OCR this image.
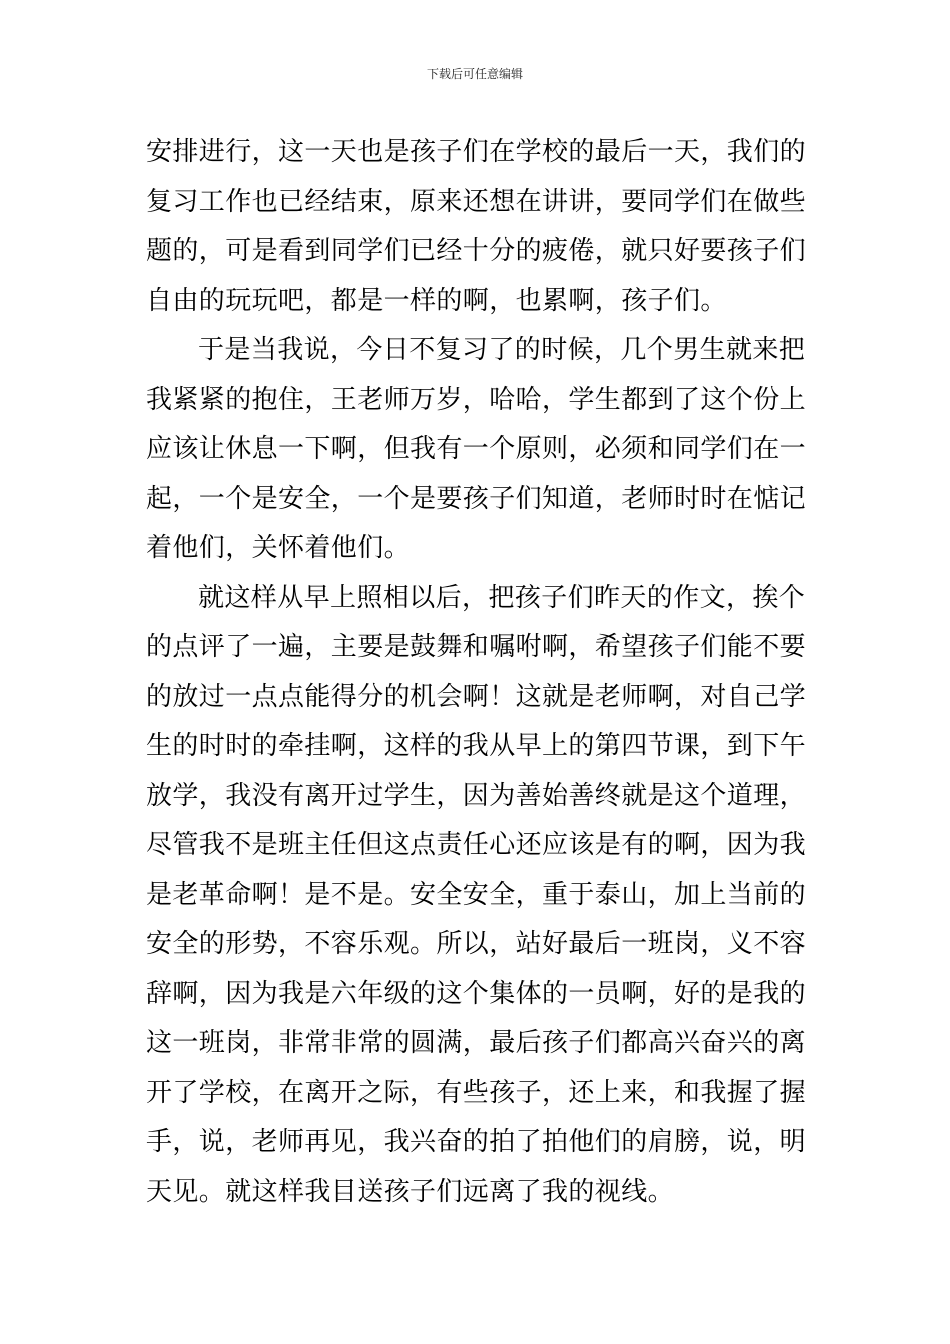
下载后可任意编辑
安排进行，这一天也是孩子们在学校的最后一天，我们的
复习工作也已经结束，原来还想在讲讲，要同学们在做些
题的，可是看到同学们已经十分的疲倦，就只好要孩子们
自由的玩玩吧，都是一样的啊，也累啊，孩子们。
于是当我说，今日不复习了的时候，几个男生就来把
我紧紧的抱住，王老师万岁，哈哈，学生都到了这个份上
应该让休息一下啊，但我有一个原则，必须和同学们在一
起，一个是安全，一个是要孩子们知道，老师时时在惦记
着他们，关怀着他们。
就这样从早上照相以后，把孩子们昨天的作文，挨个
的点评了一遍，主要是鼓舞和嘱咐啊，希望孩子们能不要
的放过一点点能得分的机会啊！这就是老师啊，对自己学
生的时时的牵挂啊，这样的我从早上的第四节课，到下午
放学，我没有离开过学生，因为善始善终就是这个道理，
尽管我不是班主任但这点责任心还应该是有的啊，因为我
是老革命啊！是不是。安全安全，重于泰山，加上当前的
安全的形势，不容乐观。所以，站好最后一班岗，义不容
辞啊，因为我是六年级的这个集体的一员啊，好的是我的
这一班岗，非常非常的圆满，最后孩子们都高兴奋兴的离
开了学校，在离开之际，有些孩子，还上来，和我握了握
手，说，老师再见，我兴奋的拍了拍他们的肩膀，说，明
天见。就这样我目送孩子们远离了我的视线。
